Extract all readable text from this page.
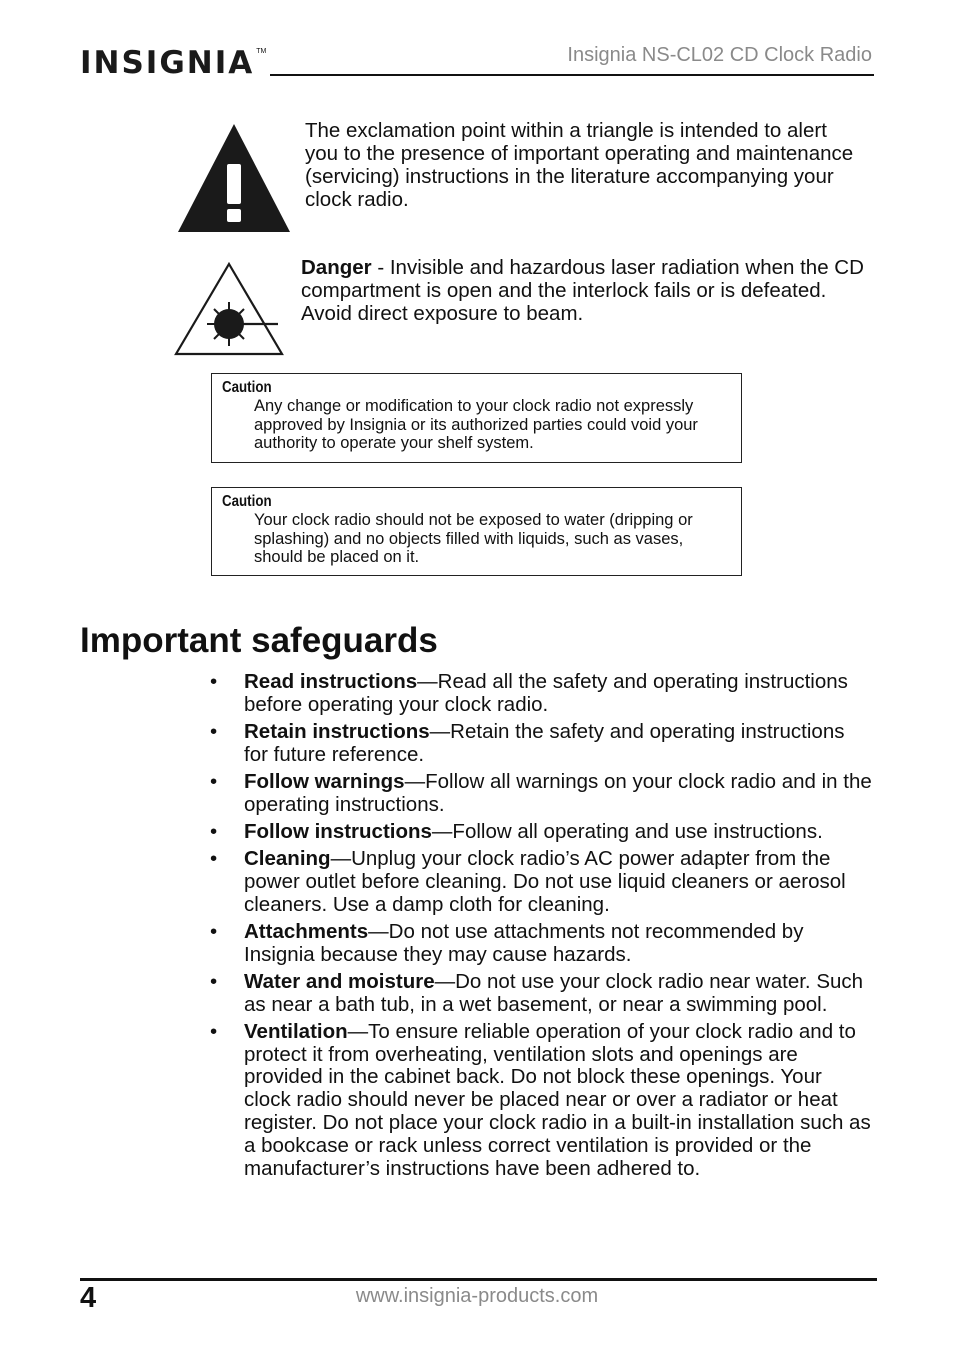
INSIGNIA ™	Insignia NS-CL02 CD Clock Radio
The exclamation point within a triangle is intended to alert you to the presence of important operating and maintenance (servicing) instructions in the literature accompanying your clock radio.
Danger - Invisible and hazardous laser radiation when the CD compartment is open and the interlock fails or is defeated. Avoid direct exposure to beam.
Caution
Any change or modification to your clock radio not expressly approved by Insignia or its authorized parties could void your authority to operate your shelf system.
Caution
Your clock radio should not be exposed to water (dripping or splashing) and no objects filled with liquids, such as vases, should be placed on it.
Important safeguards
• Read instructions—Read all the safety and operating instructions before operating your clock radio.
• Retain instructions—Retain the safety and operating instructions for future reference.
• Follow warnings—Follow all warnings on your clock radio and in the operating instructions.
• Follow instructions—Follow all operating and use instructions.
• Cleaning—Unplug your clock radio’s AC power adapter from the power outlet before cleaning. Do not use liquid cleaners or aerosol cleaners. Use a damp cloth for cleaning.
• Attachments—Do not use attachments not recommended by Insignia because they may cause hazards.
• Water and moisture—Do not use your clock radio near water. Such as near a bath tub, in a wet basement, or near a swimming pool.
• Ventilation—To ensure reliable operation of your clock radio and to protect it from overheating, ventilation slots and openings are provided in the cabinet back. Do not block these openings. Your clock radio should never be placed near or over a radiator or heat register. Do not place your clock radio in a built-in installation such as a bookcase or rack unless correct ventilation is provided or the manufacturer’s instructions have been adhered to.
4	www.insignia-products.com
